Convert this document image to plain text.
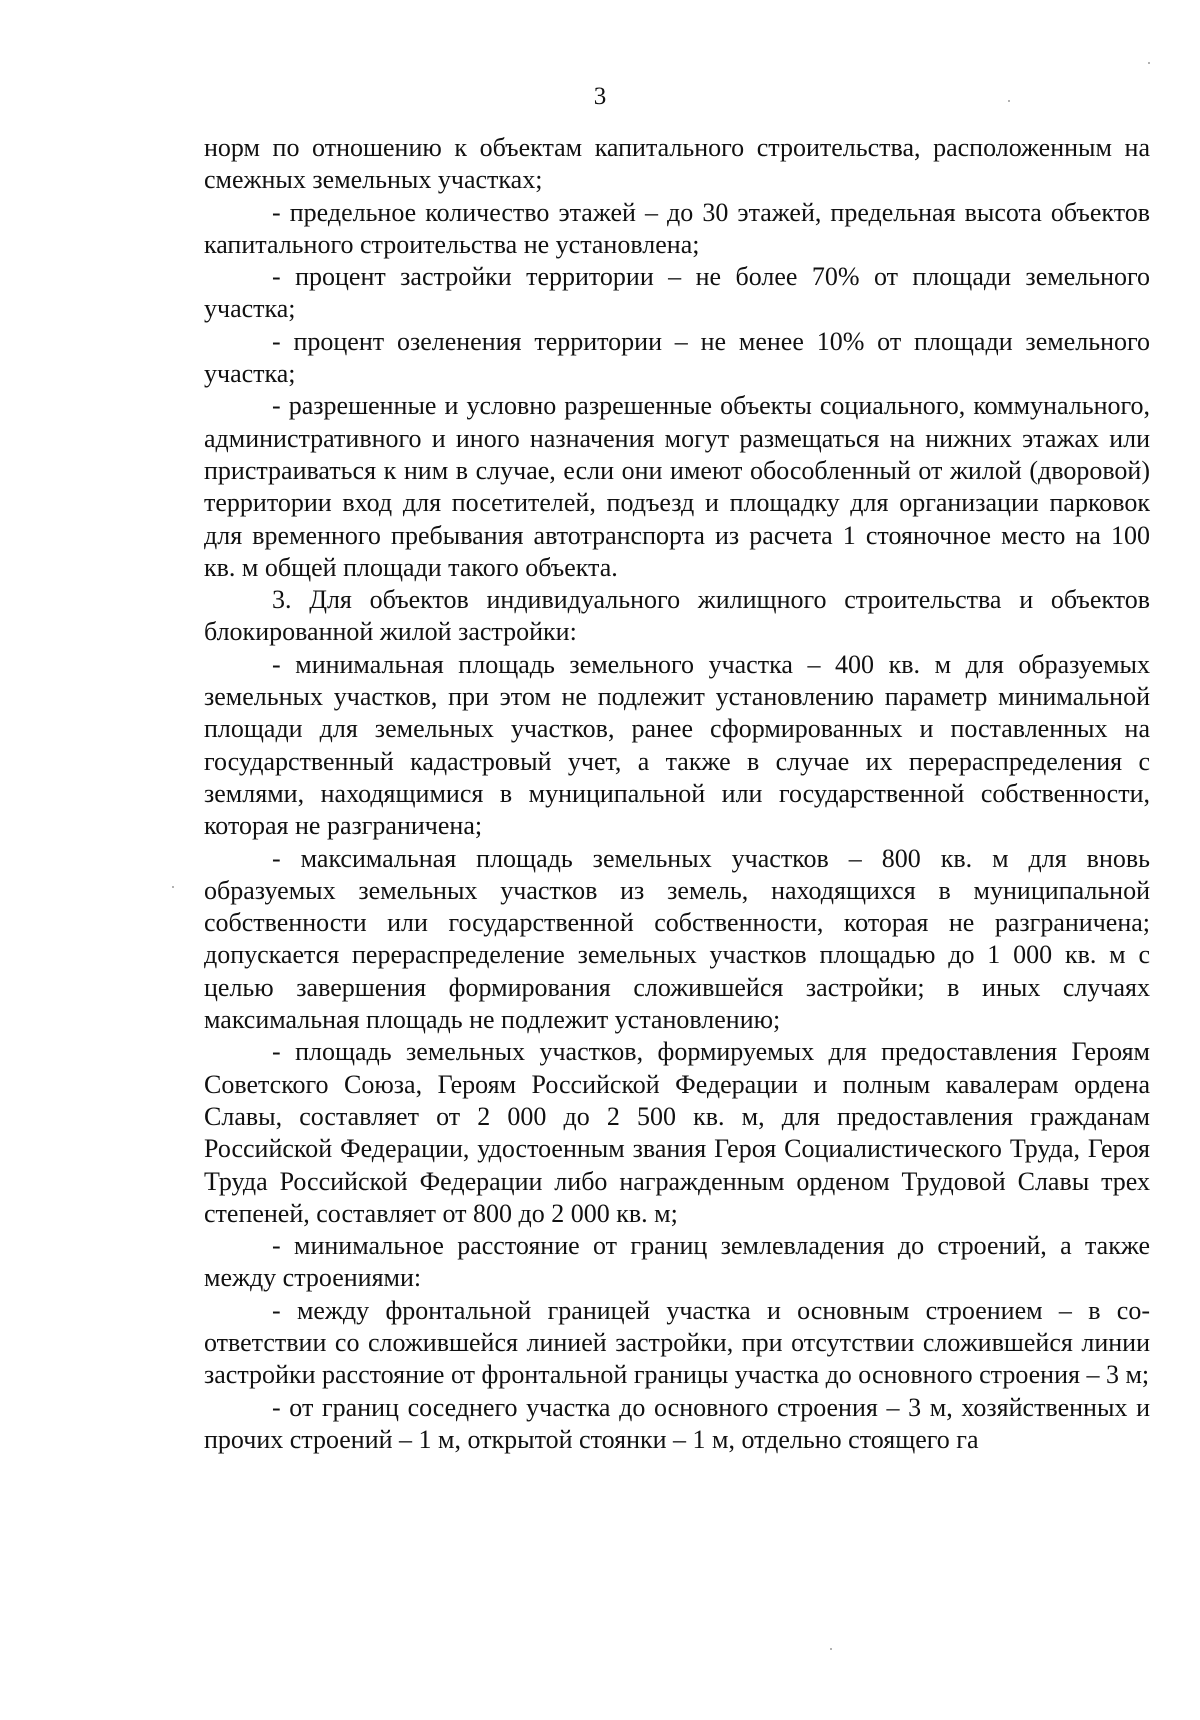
3

норм по отношению к объектам капитального строительства, расположенным на смежных земельных участках;

- предельное количество этажей – до 30 этажей, предельная высота объектов капитального строительства не установлена;

- процент застройки территории – не более 70% от площади земельного участка;

- процент озеленения территории – не менее 10% от площади земельного участка;

- разрешенные и условно разрешенные объекты социального, коммунального, административного и иного назначения могут размещаться на нижних этажах или пристраиваться к ним в случае, если они имеют обособленный от жилой (дворовой) территории вход для посетителей, подъезд и площадку для организации парковок для временного пребывания автотранспорта из расчета 1 стояночное место на 100 кв. м общей площади такого объекта.

3. Для объектов индивидуального жилищного строительства и объектов блокированной жилой застройки:

- минимальная площадь земельного участка – 400 кв. м для образуемых земельных участков, при этом не подлежит установлению параметр минимальной площади для земельных участков, ранее сформированных и поставленных на государственный кадастровый учет, а также в случае их перераспределения с землями, находящимися в муниципальной или государственной собственности, которая не разграничена;

- максимальная площадь земельных участков – 800 кв. м для вновь образуемых земельных участков из земель, находящихся в муниципальной собственности или государственной собственности, которая не разграничена; допускается перераспределение земельных участков площадью до 1 000 кв. м с целью завершения формирования сложившейся застройки; в иных случаях максимальная площадь не подлежит установлению;

- площадь земельных участков, формируемых для предоставления Героям Советского Союза, Героям Российской Федерации и полным кавалерам ордена Славы, составляет от 2 000 до 2 500 кв. м, для предоставления гражданам Российской Федерации, удостоенным звания Героя Социалистического Труда, Героя Труда Российской Федерации либо награжденным орденом Трудовой Славы трех степеней, составляет от 800 до 2 000 кв. м;

- минимальное расстояние от границ землевладения до строений, а также между строениями:

- между фронтальной границей участка и основным строением – в соответствии со сложившейся линией застройки, при отсутствии сложившейся линии застройки расстояние от фронтальной границы участка до основного строения – 3 м;

- от границ соседнего участка до основного строения – 3 м, хозяйственных и прочих строений – 1 м, открытой стоянки – 1 м, отдельно стоящего га
